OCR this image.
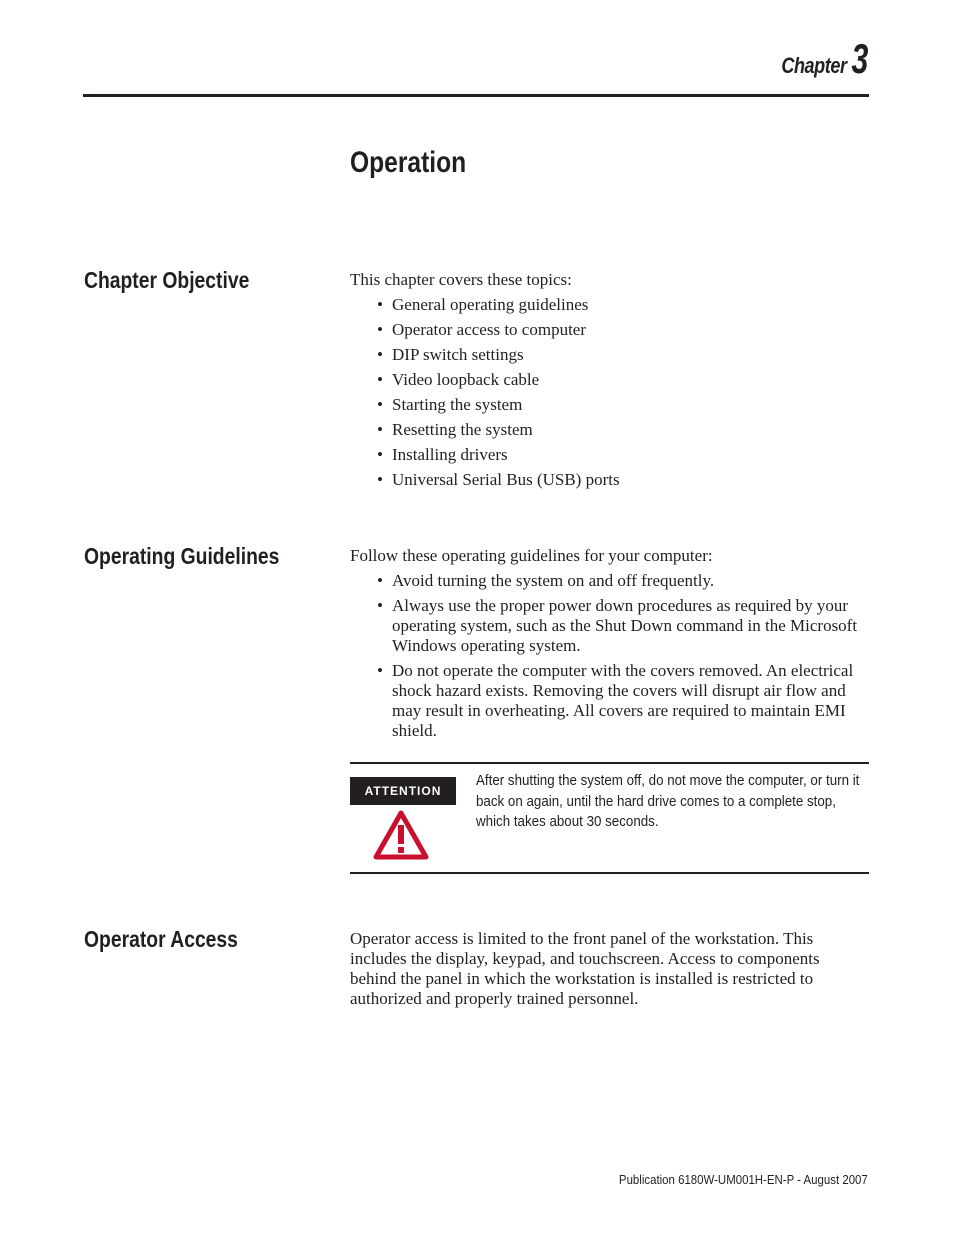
Chapter 3
Operation
Chapter Objective	This chapter covers these topics:

• General operating guidelines
• Operator access to computer
• DIP switch settings
• Video loopback cable
• Starting the system
• Resetting the system
• Installing drivers
• Universal Serial Bus (USB) ports
Operating Guidelines	Follow these operating guidelines for your computer:

• Avoid turning the system on and off frequently.
• Always use the proper power down procedures as required by your operating system, such as the Shut Down command in the Microsoft Windows operating system.
• Do not operate the computer with the covers removed. An electrical shock hazard exists. Removing the covers will disrupt air flow and may result in overheating. All covers are required to maintain EMI shield.
ATTENTION
After shutting the system off, do not move the computer, or turn it back on again, until the hard drive comes to a complete stop, which takes about 30 seconds.
Operator Access	Operator access is limited to the front panel of the workstation. This includes the display, keypad, and touchscreen. Access to components behind the panel in which the workstation is installed is restricted to authorized and properly trained personnel.

Publication 6180W-UM001H-EN-P - August 2007
